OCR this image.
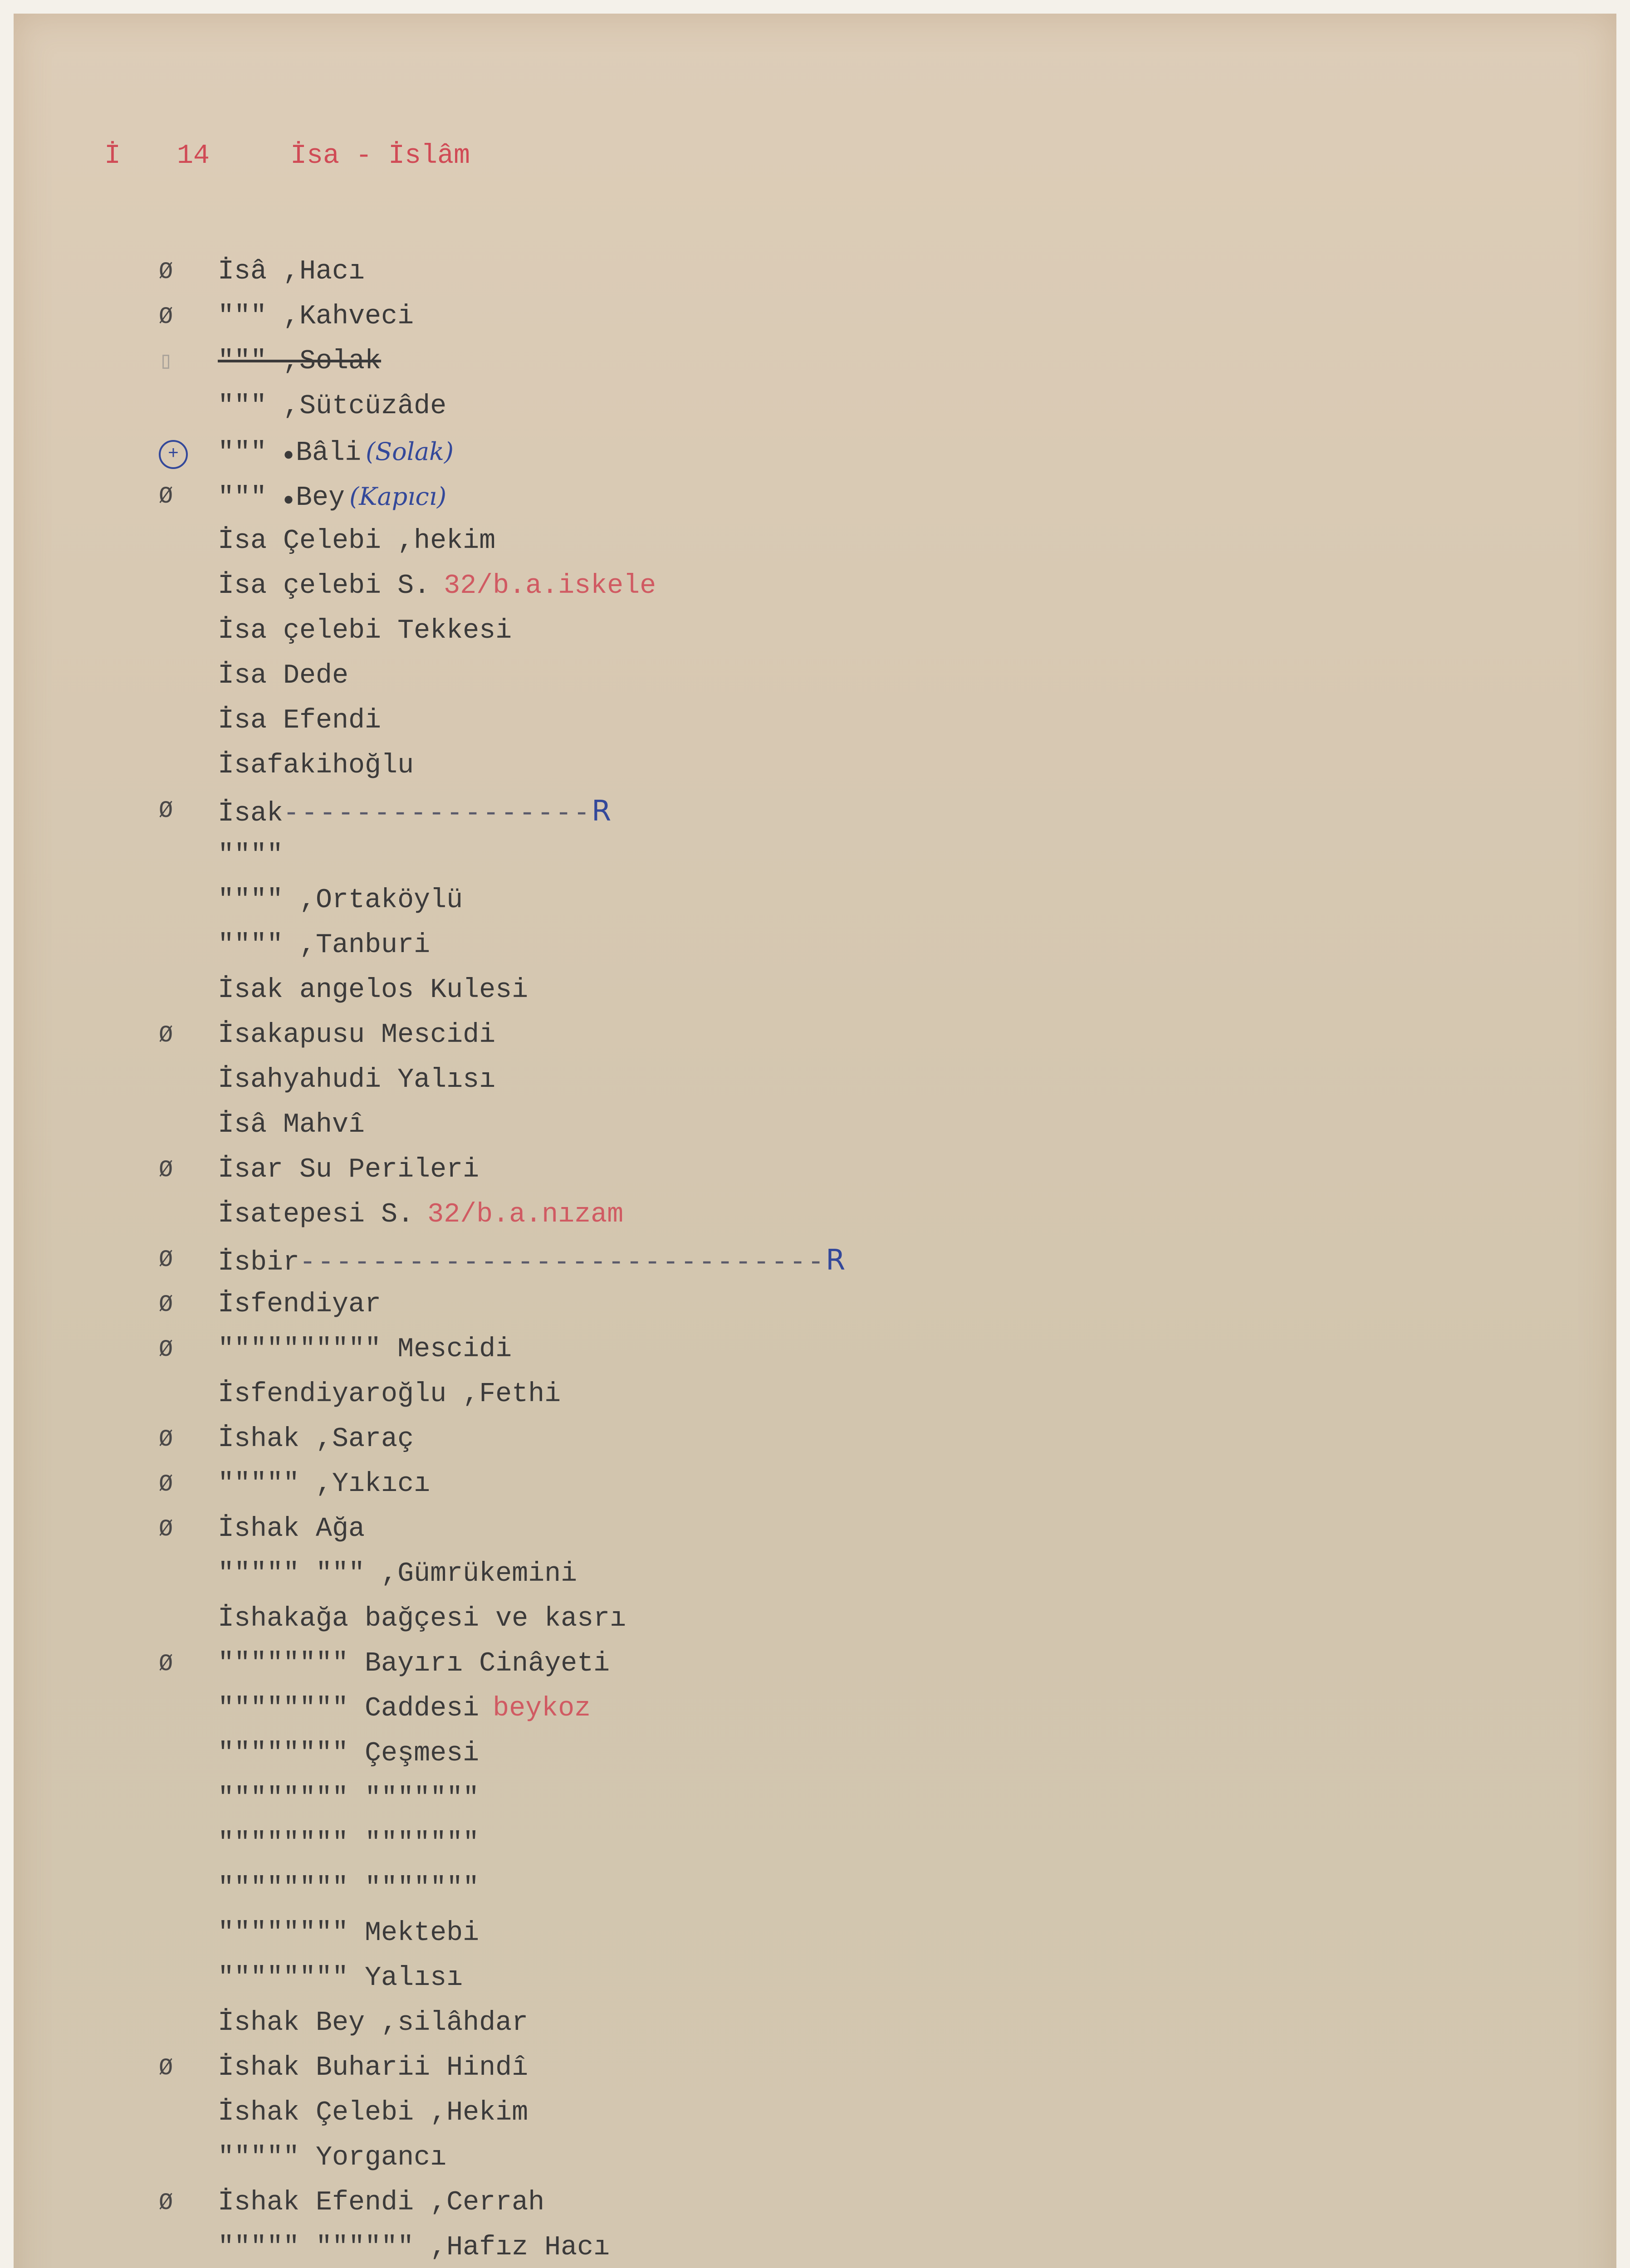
İ 14	İsa - İslâm
Ø	İsâ ,Hacı
Ø	""" ,Kahveci
▯	""" ,Solak
""" ,Sütcüzâde
+	""" ●Bâli (Solak)
Ø	""" ●Bey (Kapıcı)
İsa Çelebi ,hekim
İsa çelebi S. 32/b.a.iskele
İsa çelebi Tekkesi
İsa Dede
İsa Efendi
İsafakihoğlu
Ø	İsak-----------------R
""""
"""" ,Ortaköylü
"""" ,Tanburi
İsak angelos Kulesi
Ø	İsakapusu Mescidi
İsahyahudi Yalısı
İsâ Mahvî
Ø	İsar Su Perileri
İsatepesi S. 32/b.a.nızam
Ø	İsbir-----------------------------R
Ø	İsfendiyar
Ø	"""""""""" Mescidi
İsfendiyaroğlu ,Fethi
Ø	İshak ,Saraç
Ø	""""" ,Yıkıcı
Ø	İshak Ağa
""""" """ ,Gümrükemini
İshakağa bağçesi ve kasrı
Ø	"""""""" Bayırı Cinâyeti
"""""""" Caddesi beykoz
"""""""" Çeşmesi
"""""""" """""""
"""""""" """""""
"""""""" """""""
"""""""" Mektebi
"""""""" Yalısı
İshak Bey ,silâhdar
Ø	İshak Buharii Hindî
İshak Çelebi ,Hekim
""""" Yorgancı
Ø	İshak Efendi ,Cerrah
""""" """""" ,Hafız Hacı
